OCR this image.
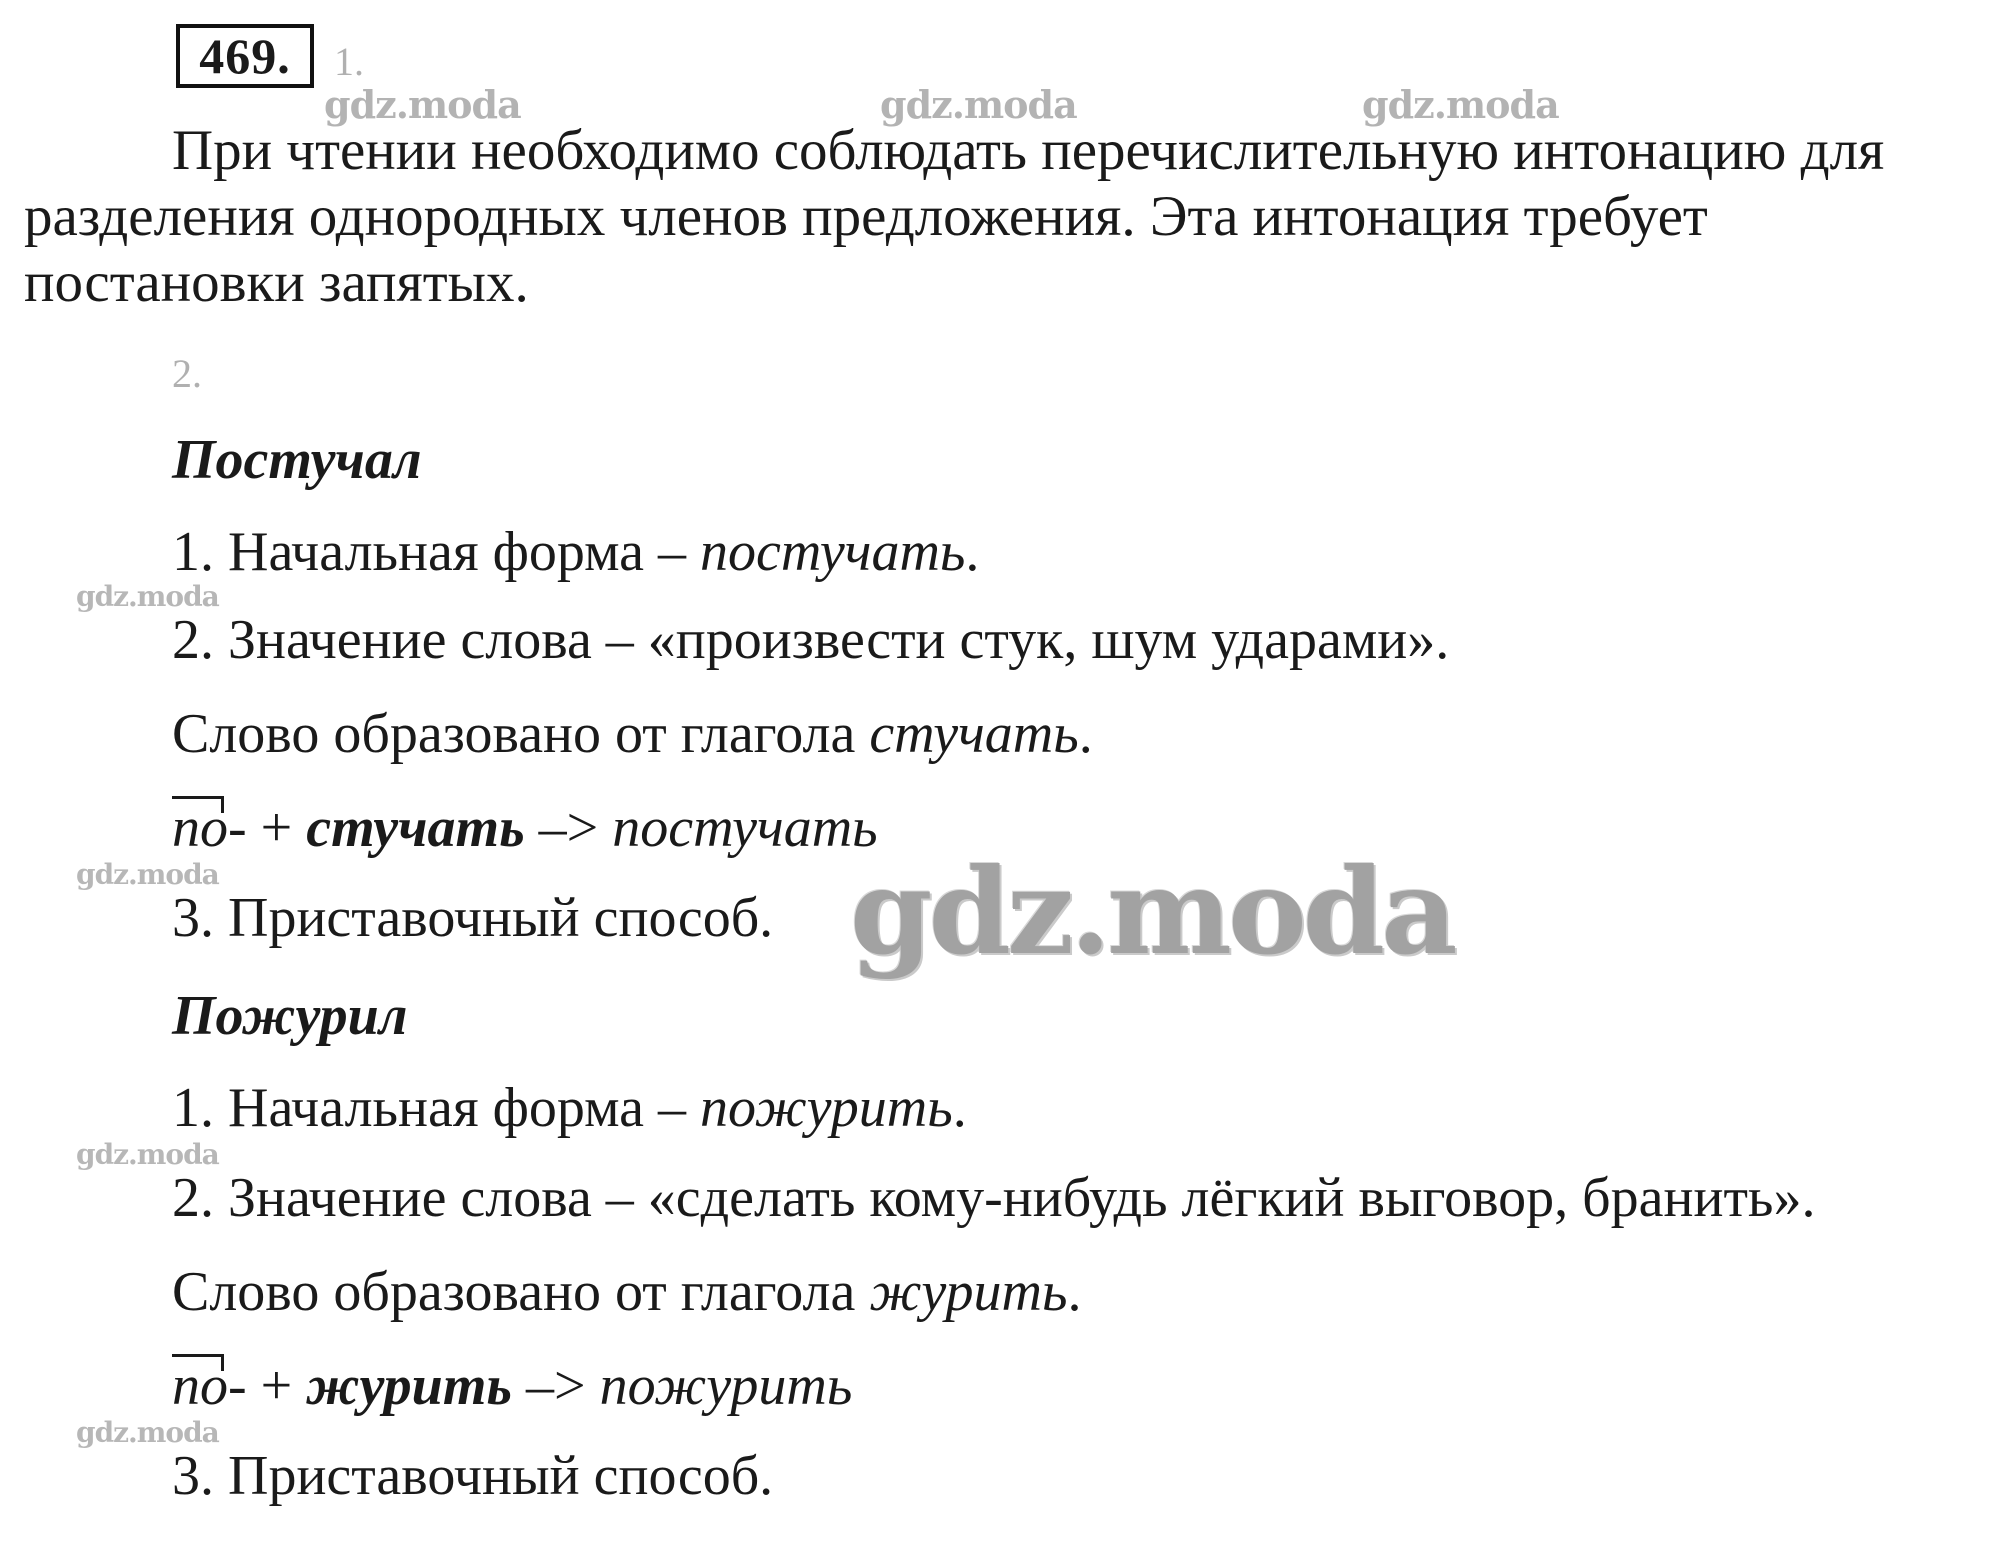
469.	1.
gdz.moda	gdz.moda	gdz.moda
При чтении необходимо соблюдать перечислительную интонацию для
разделения однородных членов предложения. Эта интонация требует
постановки запятых.
2.
Постучал
1. Начальная форма – постучать.
gdz.moda
2. Значение слова – «произвести стук, шум ударами».
Слово образовано от глагола стучать.
по- + стучать –> постучать
gdz.moda
3. Приставочный способ. gdz.moda
Пожурил
1. Начальная форма – пожурить.
gdz.moda
2. Значение слова – «сделать кому-нибудь лёгкий выговор, бранить».
Слово образовано от глагола журить.
по- + журить –> пожурить
gdz.moda
3. Приставочный способ.
